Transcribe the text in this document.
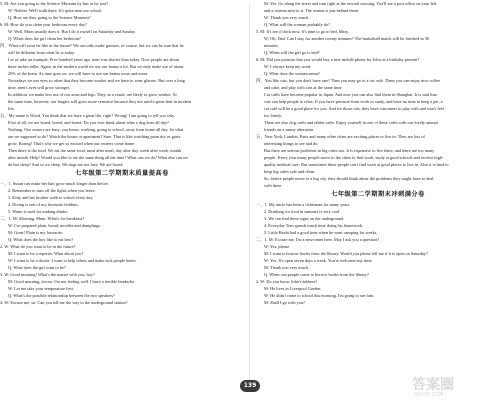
5. M: Are you going to the Science Museum by bus or by taxi?
W: Neither. We'll walk there. It's quite near our school.
Q: How are they going to the Science Museum?
6. M: How do you clean your bedroom every day?
W: Well. Mum usually does it. But I do it myself on Saturday and Sunday.
Q: When does the girl clean her bedroom?
四、What will town be like in the future? We can only make guesses, of course, but we can be sure that he
will be different from what he is today.
Let us take an example. Five hundred years ago, men was shorter than today. Now people are about
three inches taller. Again, in the modern world we use our brains a lot. But we only make use of about
20% of the brain. As time goes on, we will have to use our brains more and more.
Nowadays we use eyes so often that they become weaker and we have to wear glasses. But over a long
time, men's eyes will grow stronger.
In addition, we make less use of our arms and legs. They, as a result, are likely to grow weaker. At
the same time, however, our fingers will grow more sensitive because they are used a great deal in modern
life.
五、My name is Wood. You think that we have a great life, right? Wrong! I am going to tell you why.
First of all, we are bored, bored, and bored. Do you ever think about what a dog does all day?
Nothing. Our owners are busy, you know, working, going to school, away from home all day. So what
are we supposed to do? Watch the house or apartment? Sure. That is like watching paint dry or grass
grow. Boring! That's why we get so excited when our owners come home.
Then there is the food. We eat the same food, meal after meal, day after day, week after week, month
after month. Help! Would you like to eat the same thing all the time? What can we do? What else can we
do but sleep? And so we sleep. We dogs are not lazy. We are bored.
七年级第二学期期末质量提高卷
一、1. Susan can make her hair grow much longer than before.
2. Remember to turn off the lights when you leave.
3. Kitty and her brother walk to school every day.
4. Diving is one of my favourite hobbies.
5. Water is used for making drinks.
二、1. M: Morning, Mum. What's for breakfast?
W: I've prepared plain, bread, noodles and dumplings.
M: Great! Plain is my favourite.
Q: What does the boy like to eat best?
2. W: What do you want to be in the future?
M: I want to be a reporter. What about you?
W: I want to be a doctor. I want to help others and make sick people better.
Q: What does the girl want to be?
3. W: Good morning! What's the matter with you, boy?
M: Good morning, doctor. I'm not feeling well. I have a terrible headache.
W: Let me take your temperature first.
Q: What's the possible relationship between the two speakers?
4. W: Excuse me, sir. Can you tell me the way to the underground station?
M: Yes. Go along the street and turn right at the second crossing. You'll see a post office on your left
and a cinema next to it. The station is just behind them.
W: Thank you very much.
Q: What will the woman probably do?
5. M: It's ten o'clock now. It's time to go to bed, Mary.
W: Oh, Dad. Can I stay for another twenty minutes? The basketball match will be finished in 30
minutes.
Q: When will the girl go to bed?
6. M: Did you promise that you would buy a new mobile phone for John as a birthday present?
W: I always keep my word.
Q: What does the woman mean?
四、You like cats, but you don't have one? Then you may go to a cat café. There you can enjoy nice coffee
and cake, and play with cats at the same time.
Cat cafés have become popular in Japan. And now you can also find them in Shanghai. It is said that
cats can help people to relax. If you have pressure from work or study, and have no time to keep a pet, a
cat café will be a good place for you. And for those cats, they have customers to play with and won't feel
too lonely.
There are also dog cafés and rabbit cafés. Enjoy yourself in one of these cafés with our lovely animal
friends on a sunny afternoon.
五、New York, London, Paris and many other cities are exciting places to live in. They are lots of
interesting things to see and do.
But there are serious problems in big cities too. It is expensive to live there, and there are too many
people. Every year many people move to the cities to find work, study at good schools and receive high-
quality medical care. But sometimes these people can't find work at good places to live in. Also it is hard to
keep big cities safe and clean.
So, before people move to a big city, they should think about the problems they might have to deal
with there.
七年级第二学期期末冲刺满分卷
一、1. My uncle has been a fisherman for many years.
2. Drinking ice food in summer is very cool.
3. We can find these signs on the underground.
4. Everyday Tom spends much time doing his homework.
5. Little Hoshi had a good time when he went camping for weeks.
二、1. M: Excuse me, I'm a newcomer here. May I ask you a question?
W: Yes, please.
M: I want to borrow books from the library. Would you please tell me if it is open on Saturday?
W: Yes. It's open seven days a week. You're welcome any time.
M: Thank you very much.
Q: When can people come to borrow books from the library?
2. W: Do you know John's address?
M: He lives in Liverpool Garden.
W: He didn't come to school this morning. I'm going to see him.
M: Shall I go with you?
139	答案圈
MXQE.COM
